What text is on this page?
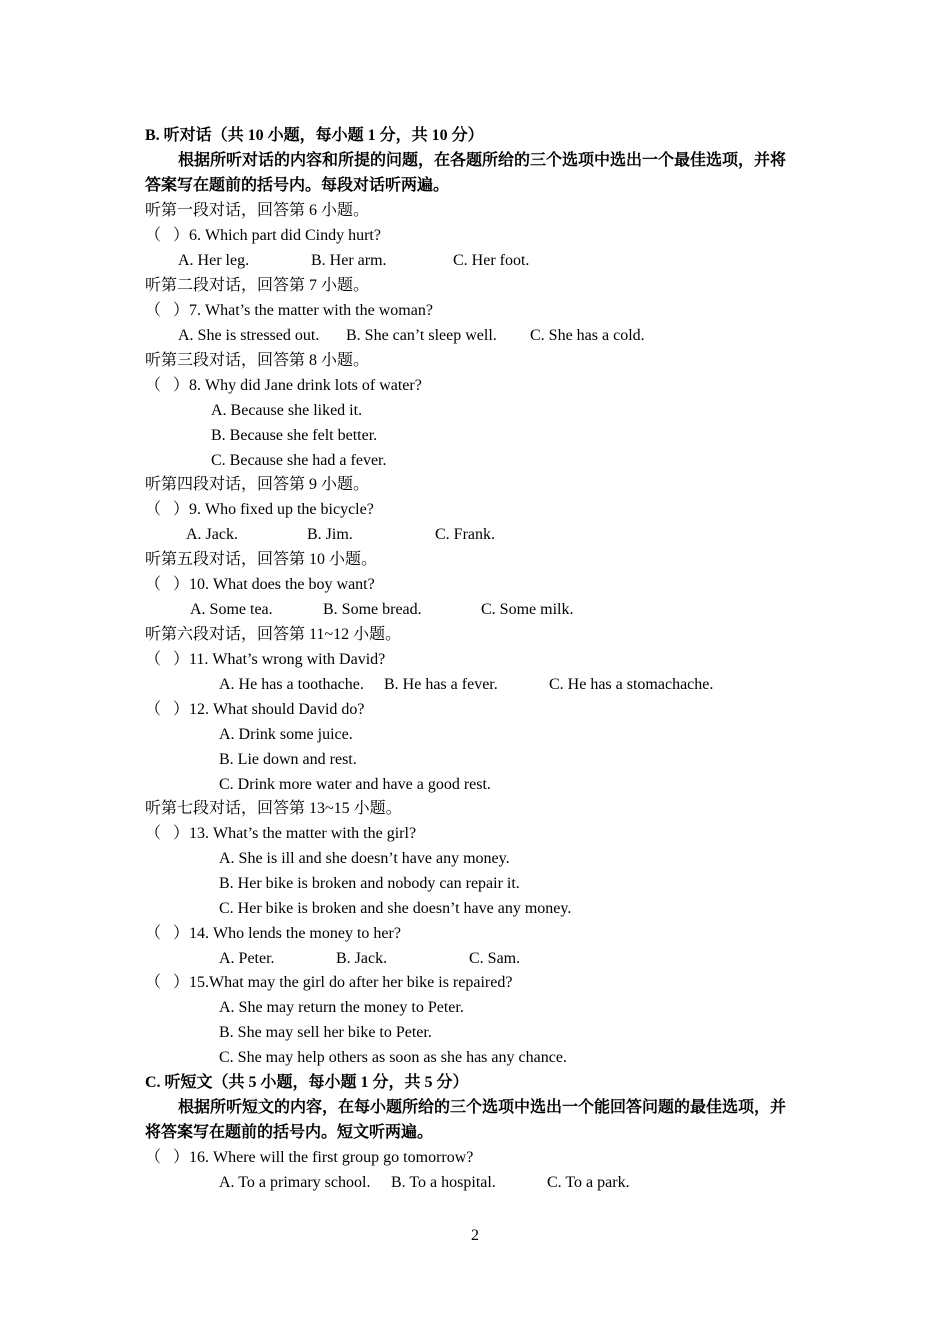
B. 听对话（共 10 小题，每小题 1 分，共 10 分）
根据所听对话的内容和所提的问题，在各题所给的三个选项中选出一个最佳选项，并将
答案写在题前的括号内。每段对话听两遍。
听第一段对话，回答第 6 小题。
（   ）6. Which part did Cindy hurt?
A. Her leg.	B. Her arm.	C. Her foot.
听第二段对话，回答第 7 小题。
（   ）7. What’s the matter with the woman?
A. She is stressed out. B. She can’t sleep well. C. She has a cold.
听第三段对话，回答第 8 小题。
（   ）8. Why did Jane drink lots of water?
A. Because she liked it.
B. Because she felt better.
C. Because she had a fever.
听第四段对话，回答第 9 小题。
（   ）9. Who fixed up the bicycle?
A. Jack.	B. Jim.	C. Frank.
听第五段对话，回答第 10 小题。
（   ）10. What does the boy want?
A. Some tea.	B. Some bread.	C. Some milk.
听第六段对话，回答第 11~12 小题。
（   ）11. What’s wrong with David?
A. He has a toothache. B. He has a fever.	C. He has a stomachache.
（   ）12. What should David do?
A. Drink some juice.
B. Lie down and rest.
C. Drink more water and have a good rest.
听第七段对话，回答第 13~15 小题。
（   ）13. What’s the matter with the girl?
A. She is ill and she doesn’t have any money.
B. Her bike is broken and nobody can repair it.
C. Her bike is broken and she doesn’t have any money.
（   ）14. Who lends the money to her?
A. Peter.	B. Jack.	C. Sam.
（   ）15.What may the girl do after her bike is repaired?
A. She may return the money to Peter.
B. She may sell her bike to Peter.
C. She may help others as soon as she has any chance.
C. 听短文（共 5 小题，每小题 1 分，共 5 分）
根据所听短文的内容，在每小题所给的三个选项中选出一个能回答问题的最佳选项，并
将答案写在题前的括号内。短文听两遍。
（   ）16. Where will the first group go tomorrow?
A. To a primary school. B. To a hospital.	C. To a park.
2
